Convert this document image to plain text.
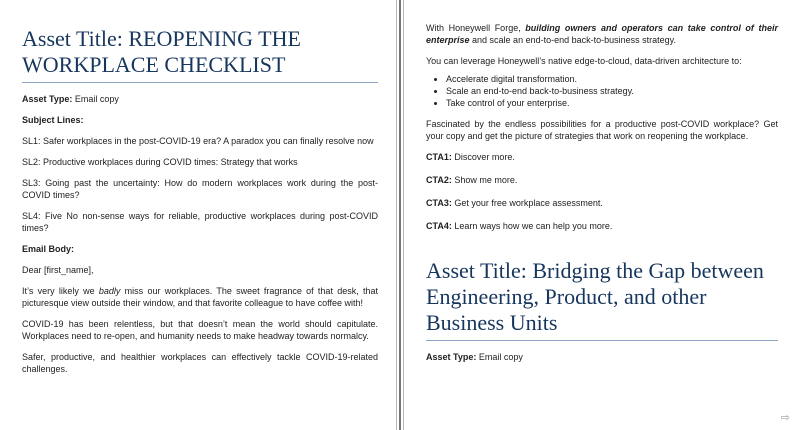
Asset Title: REOPENING THE WORKPLACE CHECKLIST

Asset Type: Email copy

Subject Lines:

SL1: Safer workplaces in the post-COVID-19 era? A paradox you can finally resolve now

SL2: Productive workplaces during COVID times: Strategy that works

SL3: Going past the uncertainty: How do modern workplaces work during the post-COVID times?

SL4: Five No non-sense ways for reliable, productive workplaces during post-COVID times?

Email Body:

Dear [first_name],

It’s very likely we badly miss our workplaces. The sweet fragrance of that desk, that picturesque view outside their window, and that favorite colleague to have coffee with!

COVID-19 has been relentless, but that doesn’t mean the world should capitulate. Workplaces need to re-open, and humanity needs to make headway towards normalcy.

Safer, productive, and healthier workplaces can effectively tackle COVID-19-related challenges.

With Honeywell Forge, building owners and operators can take control of their enterprise and scale an end-to-end back-to-business strategy.

You can leverage Honeywell’s native edge-to-cloud, data-driven architecture to:

• Accelerate digital transformation.
• Scale an end-to-end back-to-business strategy.
• Take control of your enterprise.

Fascinated by the endless possibilities for a productive post-COVID workplace? Get your copy and get the picture of strategies that work on reopening the workplace.

CTA1: Discover more.

CTA2: Show me more.

CTA3: Get your free workplace assessment.

CTA4: Learn ways how we can help you more.

Asset Title: Bridging the Gap between Engineering, Product, and other Business Units

Asset Type: Email copy

⇨
